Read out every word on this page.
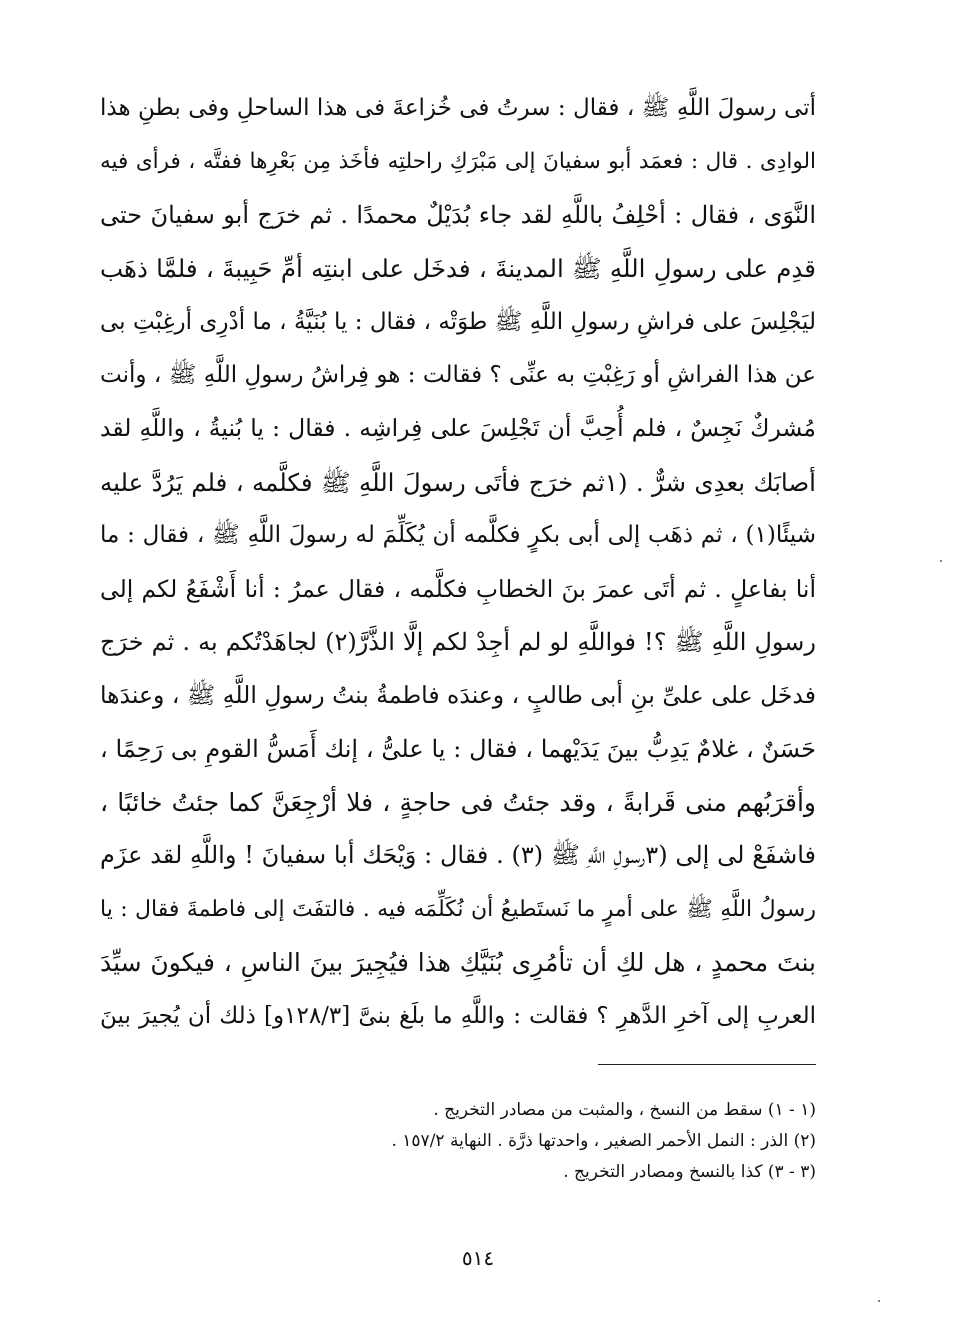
أتى رسولَ اللَّهِ ﷺ ، فقال : سرتُ فى خُزاعةَ فى هذا الساحلِ وفى بطنِ هذا
الوادِى . قال : فعمَد أبو سفيانَ إلى مَبْرَكِ راحلتِه فأخَذ مِن بَعْرِها ففتَّه ، فرأى فيه
النَّوَى ، فقال : أحْلِفُ باللَّهِ لقد جاء بُدَيْلٌ محمدًا . ثم خرَج أبو سفيانَ حتى
قدِم على رسولِ اللَّهِ ﷺ المدينةَ ، فدخَل على ابنتِه أمِّ حَبِيبةَ ، فلمَّا ذهَب
ليَجْلِسَ على فراشِ رسولِ اللَّهِ ﷺ طوَتْه ، فقال : يا بُنَيَّةُ ، ما أدْرِى أرغِبْتِ بى
عن هذا الفراشِ أو رَغِبْتِ به عنِّى ؟ فقالت : هو فِراشُ رسولِ اللَّهِ ﷺ ، وأنت
مُشركٌ نَجِسٌ ، فلم أُحِبَّ أن تَجْلِسَ على فِراشِه . فقال : يا بُنيةُ ، واللَّهِ لقد
أصابَك بعدِى شرٌّ . (١ثم خرَج فأتَى رسولَ اللَّهِ ﷺ فكلَّمه ، فلم يَرُدَّ عليه
شيئًا(١) ، ثم ذهَب إلى أبى بكرٍ فكلَّمه أن يُكَلِّمَ له رسولَ اللَّهِ ﷺ ، فقال : ما
أنا بفاعلٍ . ثم أتَى عمرَ بنَ الخطابِ فكلَّمه ، فقال عمرُ : أنا أَشْفَعُ لكم إلى
رسولِ اللَّهِ ﷺ ؟! فواللَّهِ لو لم أجِدْ لكم إلَّا الذَّرَّ(٢) لجاهَدْتُكم به . ثم خرَج
فدخَل على علىِّ بنِ أبى طالبٍ ، وعندَه فاطمةُ بنتُ رسولِ اللَّهِ ﷺ ، وعندَها
حَسَنٌ ، غلامٌ يَدِبُّ بينَ يَدَيْهما ، فقال : يا علىُّ ، إنك أَمَسُّ القومِ بى رَحِمًا ،
وأقرَبُهم منى قَرابةً ، وقد جئتُ فى حاجةٍ ، فلا أرْجِعَنَّ كما جئتُ خائبًا ،
فاشفَعْ لى إلى (٣رسولِ اللَّهِ ﷺ (٣) . فقال : وَيْحَك أبا سفيانَ ! واللَّهِ لقد عزَم
رسولُ اللَّهِ ﷺ على أمرٍ ما نَستَطيعُ أن نُكَلِّمَه فيه . فالتفَتَ إلى فاطمةَ فقال : يا
بنتَ محمدٍ ، هل لكِ أن تأمُرِى بُنَيَّكِ هذا فيُجِيرَ بينَ الناسِ ، فيكونَ سيِّدَ
العربِ إلى آخرِ الدَّهرِ ؟ فقالت : واللَّهِ ما بلَغ بنىَّ [١٢٨/٣و] ذلك أن يُجيرَ بينَ
(١ - ١) سقط من النسخ ، والمثبت من مصادر التخريج .
(٢) الذر : النمل الأحمر الصغير ، واحدتها ذرَّة . النهاية ١٥٧/٢ .
(٣ - ٣) كذا بالنسخ ومصادر التخريج .
٥١٤
